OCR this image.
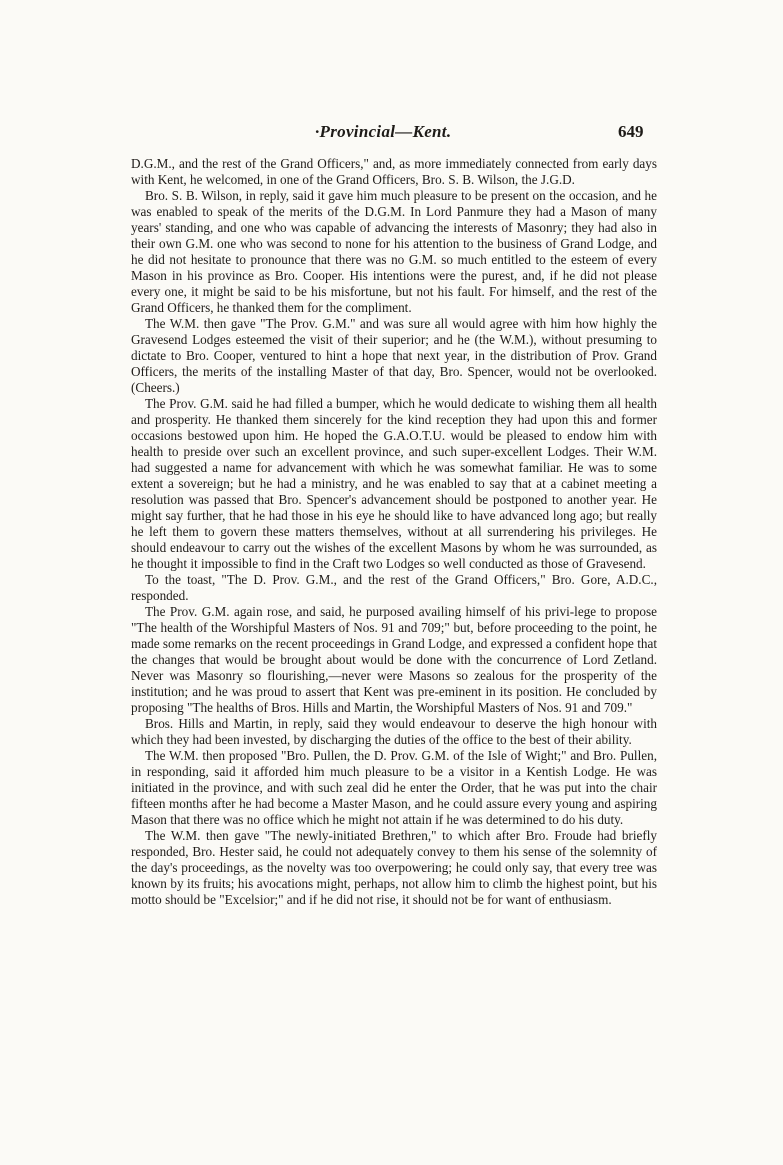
·Provincial—Kent.	649

D.G.M., and the rest of the Grand Officers," and, as more immediately connected from early days with Kent, he welcomed, in one of the Grand Officers, Bro. S. B. Wilson, the J.G.D.

Bro. S. B. Wilson, in reply, said it gave him much pleasure to be present on the occasion, and he was enabled to speak of the merits of the D.G.M. In Lord Panmure they had a Mason of many years' standing, and one who was capable of advancing the interests of Masonry; they had also in their own G.M. one who was second to none for his attention to the business of Grand Lodge, and he did not hesitate to pronounce that there was no G.M. so much entitled to the esteem of every Mason in his province as Bro. Cooper. His intentions were the purest, and, if he did not please every one, it might be said to be his misfortune, but not his fault. For himself, and the rest of the Grand Officers, he thanked them for the compliment.

The W.M. then gave "The Prov. G.M." and was sure all would agree with him how highly the Gravesend Lodges esteemed the visit of their superior; and he (the W.M.), without presuming to dictate to Bro. Cooper, ventured to hint a hope that next year, in the distribution of Prov. Grand Officers, the merits of the installing Master of that day, Bro. Spencer, would not be overlooked. (Cheers.)

The Prov. G.M. said he had filled a bumper, which he would dedicate to wishing them all health and prosperity. He thanked them sincerely for the kind reception they had upon this and former occasions bestowed upon him. He hoped the G.A.O.T.U. would be pleased to endow him with health to preside over such an excellent province, and such super-excellent Lodges. Their W.M. had suggested a name for advancement with which he was somewhat familiar. He was to some extent a sovereign; but he had a ministry, and he was enabled to say that at a cabinet meeting a resolution was passed that Bro. Spencer's advancement should be postponed to another year. He might say further, that he had those in his eye he should like to have advanced long ago; but really he left them to govern these matters themselves, without at all surrendering his privileges. He should endeavour to carry out the wishes of the excellent Masons by whom he was surrounded, as he thought it impossible to find in the Craft two Lodges so well conducted as those of Gravesend.

To the toast, "The D. Prov. G.M., and the rest of the Grand Officers," Bro. Gore, A.D.C., responded.

The Prov. G.M. again rose, and said, he purposed availing himself of his privi-lege to propose "The health of the Worshipful Masters of Nos. 91 and 709;" but, before proceeding to the point, he made some remarks on the recent proceedings in Grand Lodge, and expressed a confident hope that the changes that would be brought about would be done with the concurrence of Lord Zetland. Never was Masonry so flourishing,—never were Masons so zealous for the prosperity of the institution; and he was proud to assert that Kent was pre-eminent in its position. He concluded by proposing "The healths of Bros. Hills and Martin, the Worshipful Masters of Nos. 91 and 709."

Bros. Hills and Martin, in reply, said they would endeavour to deserve the high honour with which they had been invested, by discharging the duties of the office to the best of their ability.

The W.M. then proposed "Bro. Pullen, the D. Prov. G.M. of the Isle of Wight;" and Bro. Pullen, in responding, said it afforded him much pleasure to be a visitor in a Kentish Lodge. He was initiated in the province, and with such zeal did he enter the Order, that he was put into the chair fifteen months after he had become a Master Mason, and he could assure every young and aspiring Mason that there was no office which he might not attain if he was determined to do his duty.

The W.M. then gave "The newly-initiated Brethren," to which after Bro. Froude had briefly responded, Bro. Hester said, he could not adequately convey to them his sense of the solemnity of the day's proceedings, as the novelty was too overpowering; he could only say, that every tree was known by its fruits; his avocations might, perhaps, not allow him to climb the highest point, but his motto should be "Excelsior;" and if he did not rise, it should not be for want of enthusiasm.
